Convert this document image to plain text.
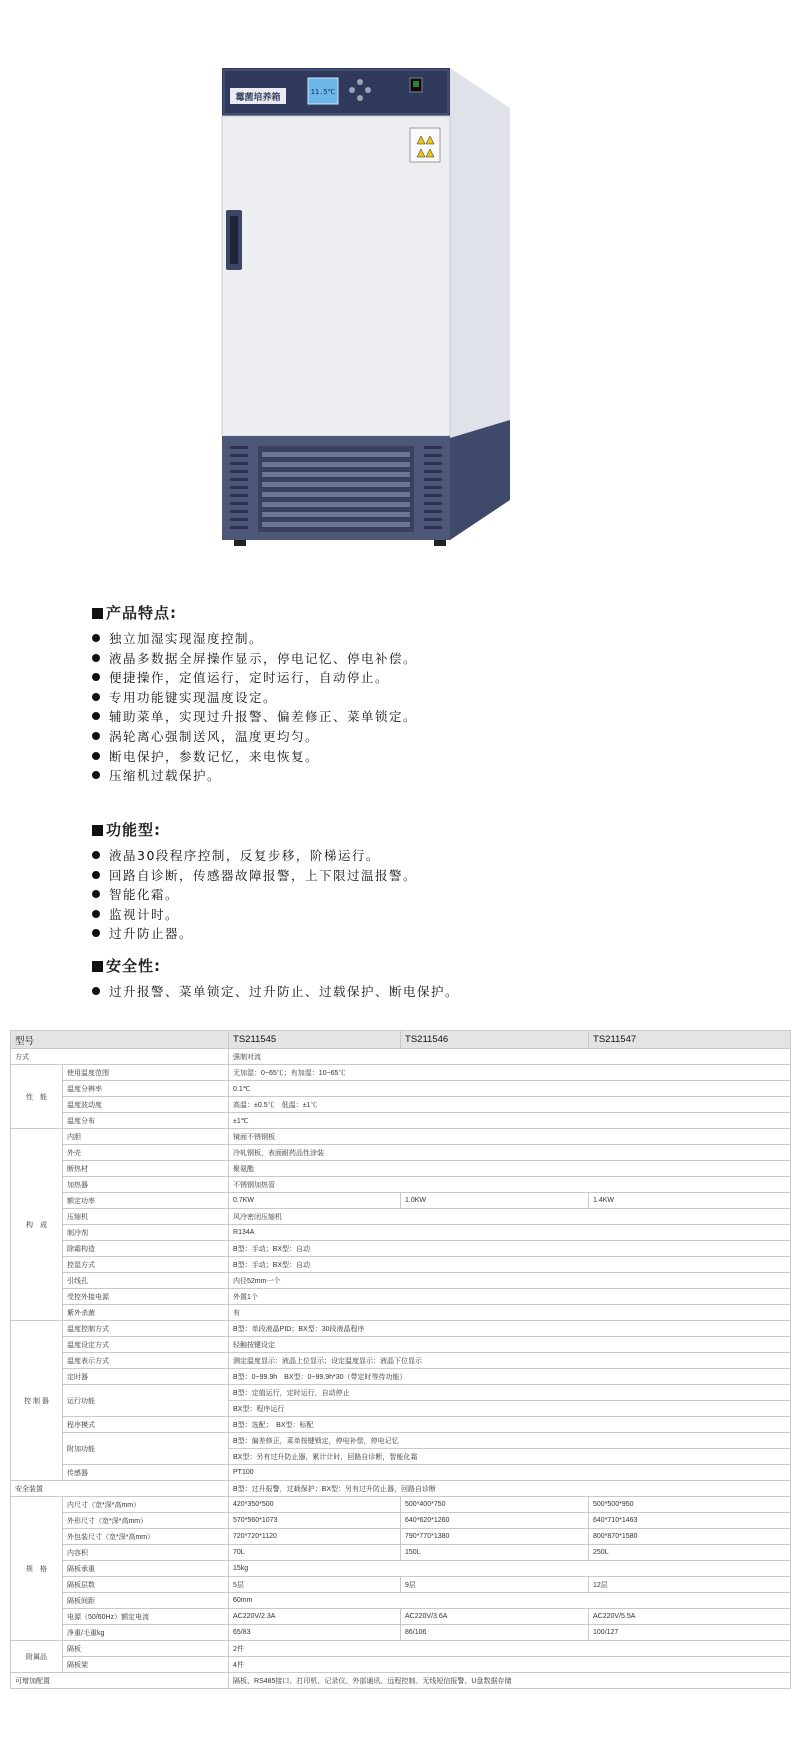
霉菌培养箱
11.5℃
产品特点:
独立加湿实现湿度控制。
液晶多数据全屏操作显示，停电记忆、停电补偿。
便捷操作，定值运行，定时运行，自动停止。
专用功能键实现温度设定。
辅助菜单，实现过升报警、偏差修正、菜单锁定。
涡轮离心强制送风，温度更均匀。
断电保护，参数记忆，来电恢复。
压缩机过载保护。
功能型:
液晶30段程序控制，反复步移，阶梯运行。
回路自诊断，传感器故障报警，上下限过温报警。
智能化霜。
监视计时。
过升防止器。
安全性:
过升报警、菜单锁定、过升防止、过载保护、断电保护。
型号		TS211545	TS211546	TS211547
方式		强制对流		
性　能	使用温度范围	无加湿：0~65℃；有加湿：10~65℃		
	温度分辨率	0.1℃		
	温度波动度	高温：±0.5℃　低温：±1℃		
	温度分布	±1℃		
构　成	内胆	镜面不锈钢板		
	外壳	冷轧钢板，表面耐药品性涂装		
	断热材	聚氨酯		
	加热器	不锈钢加热管		
	额定功率	0.7KW	1.0KW	1.4KW
	压缩机	风冷密闭压缩机		
	制冷剂	R134A		
	除霜构造	B型：手动；BX型：自动		
	控湿方式	B型：手动；BX型：自动		
	引线孔	内径52mm一个		
	受控外接电源	外置1个		
	紫外杀菌	有		
控 制 器	温度控制方式	B型：单段液晶PID；BX型：30段液晶程序		
	温度设定方式	轻触按键设定		
	温度表示方式	测定温度显示：液晶上位显示；设定温度显示：液晶下位显示		
	定时器	B型：0~99.9h　BX型：0~99.9h*30（带定时等待功能）		
	运行功能	B型：定值运行，定时运行，自动停止		
		BX型：程序运行		
	程序模式	B型：选配；　BX型：标配		
	附加功能	B型：偏差修正，菜单按键锁定，停电补偿，停电记忆		
		BX型：另有过升防止器，累计计时，回路自诊断，智能化霜		
	传感器	PT100		
安全装置		B型：过升报警，过载保护；BX型：另有过升防止器，回路自诊断		
规　格	内尺寸（宽*深*高mm）	420*350*500	500*400*750	500*500*950
	外形尺寸（宽*深*高mm）	570*560*1073	640*620*1260	640*710*1463
	外包装尺寸（宽*深*高mm）	720*720*1120	790*770*1380	800*870*1580
	内容积	70L	150L	250L
	隔板承重	15kg		
	隔板层数	5层	9层	12层
	隔板间距	60mm		
	电源（50/60Hz）额定电流	AC220V/2.3A	AC220V/3.6A	AC220V/5.5A
	净重/毛重kg	65/83	86/106	100/127
附属品	隔板	2件		
	隔板架	4件		
可增加配置		隔板、RS485接口、打印机、记录仪、外部通讯、远程控制、无线短信报警、U盘数据存储		
